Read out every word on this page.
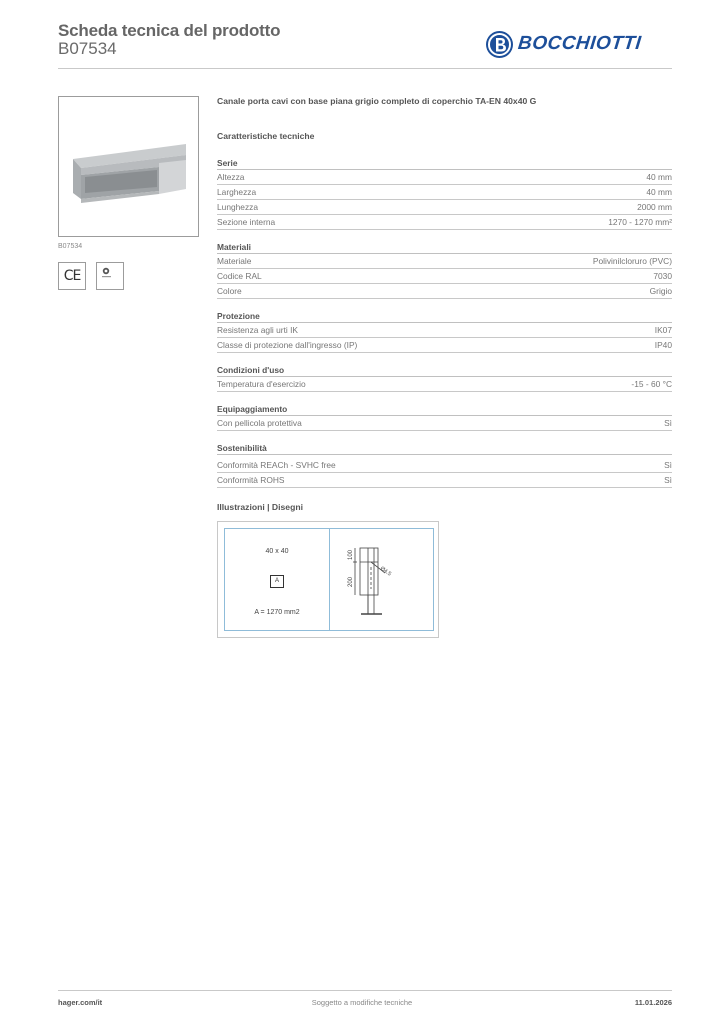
Scheda tecnica del prodotto
B07534	BOCCHIOTTI
B07534
CE
Canale porta cavi con base piana grigio completo di coperchio TA-EN 40x40 G
Caratteristiche tecniche
Serie
Altezza	40 mm
Larghezza	40 mm
Lunghezza	2000 mm
Sezione interna	1270 - 1270 mm²
Materiali
Materiale	Polivinilcloruro (PVC)
Codice RAL	7030
Colore	Grigio
Protezione
Resistenza agli urti IK	IK07
Classe di protezione dall'ingresso (IP)	IP40
Condizioni d'uso
Temperatura d'esercizio	-15 - 60 °C
Equipaggiamento
Con pellicola protettiva	Sì
Sostenibilità
Conformità REACh - SVHC free	Sì
Conformità ROHS	Sì
Illustrazioni | Disegni
40 x 40
A
A = 1270 mm2
100
200
Ø4.5
hager.com/it	Soggetto a modifiche tecniche	11.01.2026
